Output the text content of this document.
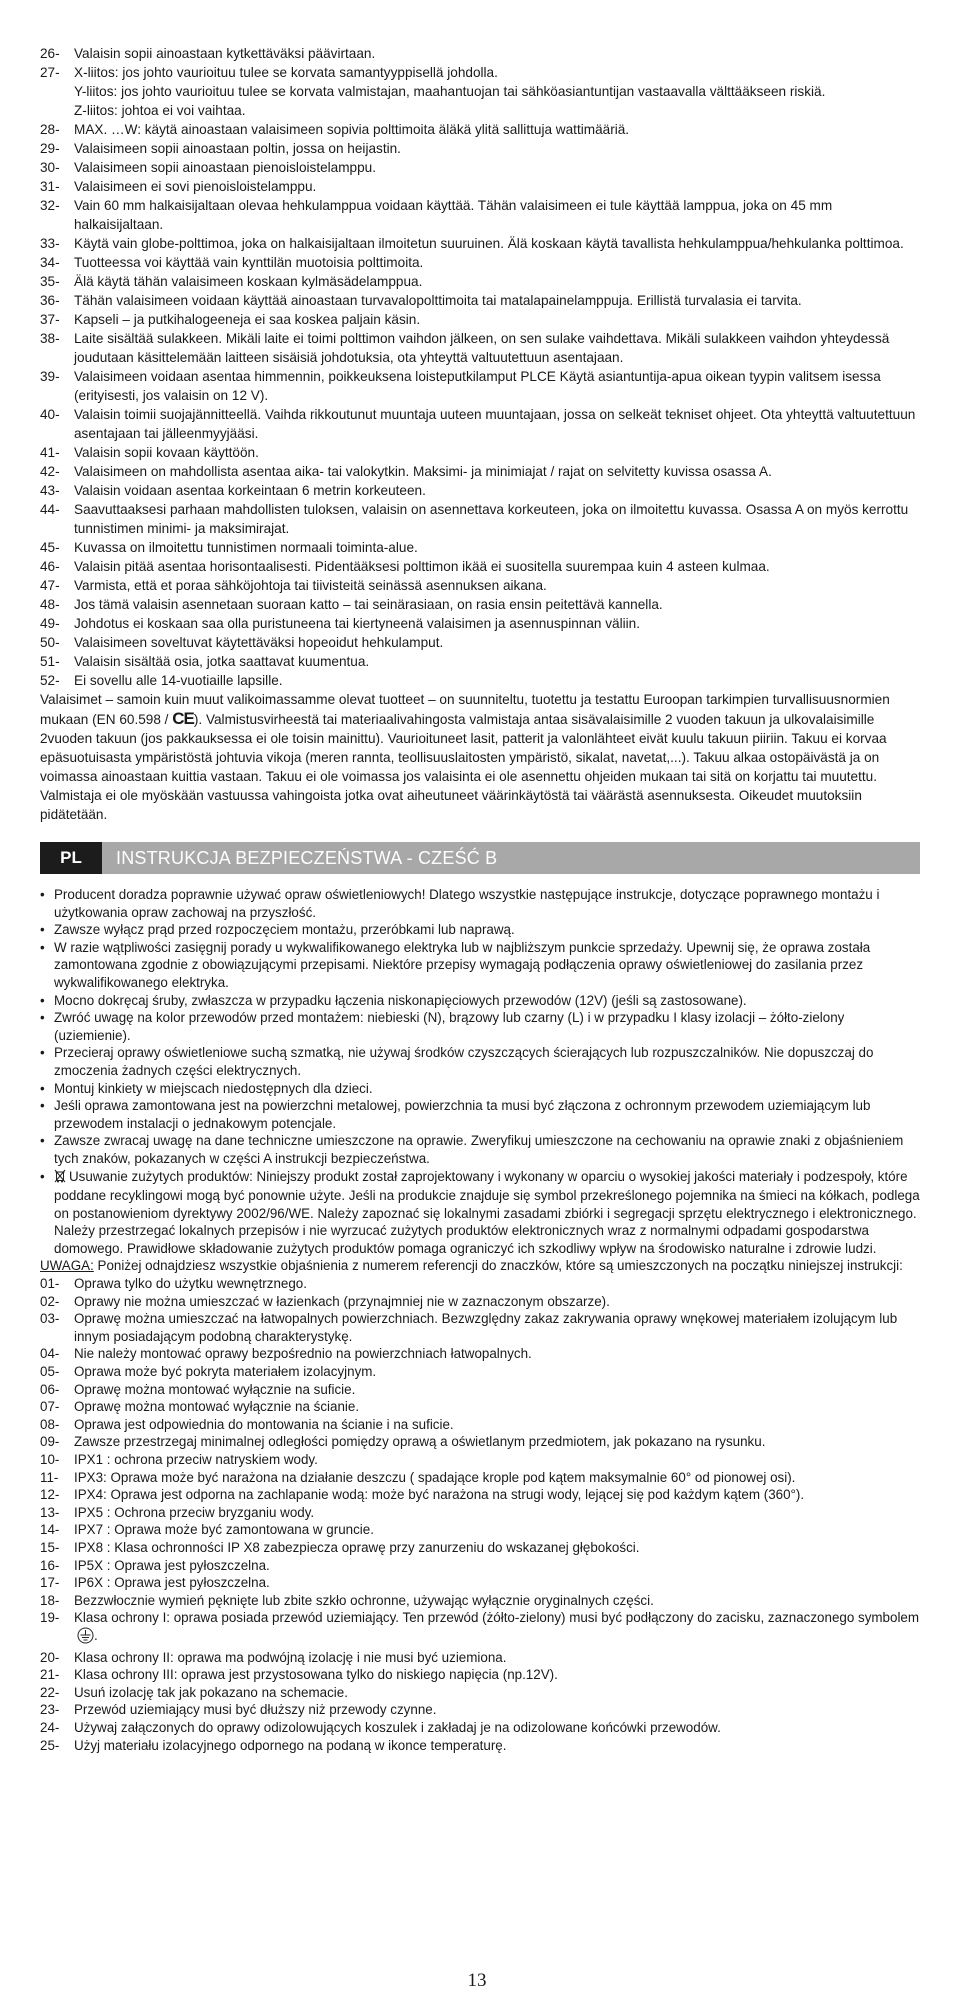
26-	Valaisin sopii ainoastaan kytkettäväksi päävirtaan.
27-	X-liitos: jos johto vaurioituu tulee se korvata samantyyppisellä johdolla.
Y-liitos: jos johto vaurioituu tulee se korvata valmistajan, maahantuojan tai sähköasiantuntijan vastaavalla välttääkseen riskiä.
Z-liitos: johtoa ei voi vaihtaa.
28-	MAX. …W: käytä ainoastaan valaisimeen sopivia polttimoita äläkä ylitä sallittuja wattimääriä.
29-	Valaisimeen sopii ainoastaan poltin, jossa on heijastin.
30-	Valaisimeen sopii ainoastaan pienoisloistelamppu.
31-	Valaisimeen ei sovi pienoisloistelamppu.
32-	Vain 60 mm halkaisijaltaan olevaa hehkulamppua voidaan käyttää. Tähän valaisimeen ei tule käyttää lamppua, joka on 45 mm halkaisijaltaan.
33-	Käytä vain globe-polttimoa, joka on halkaisijaltaan ilmoitetun suuruinen. Älä koskaan käytä tavallista hehkulamppua/hehkulanka polttimoa.
34-	Tuotteessa voi käyttää vain kynttilän muotoisia polttimoita.
35-	Älä käytä tähän valaisimeen koskaan kylmäsädelamppua.
36-	Tähän valaisimeen voidaan käyttää ainoastaan turvavalopolttimoita tai matalapainelamppuja. Erillistä turvalasia ei tarvita.
37-	Kapseli – ja putkihalogeeneja ei saa koskea paljain käsin.
38-	Laite sisältää sulakkeen. Mikäli laite ei toimi polttimon vaihdon jälkeen, on sen sulake vaihdettava. Mikäli sulakkeen vaihdon yhteydessä joudutaan käsittelemään laitteen sisäisiä johdotuksia, ota yhteyttä valtuutettuun asentajaan.
39-	Valaisimeen voidaan asentaa himmennin, poikkeuksena loisteputkilamput PLCE Käytä asiantuntija-apua oikean tyypin valitsem isessa (erityisesti, jos valaisin on 12 V).
40-	Valaisin toimii suojajännitteellä. Vaihda rikkoutunut muuntaja uuteen muuntajaan, jossa on selkeät tekniset ohjeet. Ota yhteyttä valtuutettuun asentajaan tai jälleenmyyjääsi.
41-	Valaisin sopii kovaan käyttöön.
42-	Valaisimeen on mahdollista asentaa aika- tai valokytkin. Maksimi- ja minimiajat / rajat on selvitetty kuvissa osassa A.
43-	Valaisin voidaan asentaa korkeintaan 6 metrin korkeuteen.
44-	Saavuttaaksesi parhaan mahdollisten tuloksen, valaisin on asennettava korkeuteen, joka on ilmoitettu kuvassa. Osassa A on myös kerrottu tunnistimen minimi- ja maksimirajat.
45-	Kuvassa on ilmoitettu tunnistimen normaali toiminta-alue.
46-	Valaisin pitää asentaa horisontaalisesti. Pidentääksesi polttimon ikää ei suositella suurempaa kuin 4 asteen kulmaa.
47-	Varmista, että et poraa sähköjohtoja tai tiivisteitä seinässä asennuksen aikana.
48-	Jos tämä valaisin asennetaan suoraan katto – tai seinärasiaan, on rasia ensin peitettävä kannella.
49-	Johdotus ei koskaan saa olla puristuneena tai kiertyneenä valaisimen ja asennuspinnan väliin.
50-	Valaisimeen soveltuvat käytettäväksi hopeoidut hehkulamput.
51-	Valaisin sisältää osia, jotka saattavat kuumentua.
52-	Ei sovellu alle 14-vuotiaille lapsille.

Valaisimet – samoin kuin muut valikoimassamme olevat tuotteet – on suunniteltu, tuotettu ja testattu Euroopan tarkimpien turvallisuusnormien mukaan (EN 60.598 / CE). Valmistusvirheestä tai materiaalivahingosta valmistaja antaa sisävalaisimille 2 vuoden takuun ja ulkovalaisimille 2vuoden takuun (jos pakkauksessa ei ole toisin mainittu). Vaurioituneet lasit, patterit ja valonlähteet eivät kuulu takuun piiriin. Takuu ei korvaa epäsuotuisasta ympäristöstä johtuvia vikoja (meren rannta, teollisuuslaitosten ympäristö, sikalat, navetat,...). Takuu alkaa ostopäivästä ja on voimassa ainoastaan kuittia vastaan. Takuu ei ole voimassa jos valaisinta ei ole asennettu ohjeiden mukaan tai sitä on korjattu tai muutettu. Valmistaja ei ole myöskään vastuussa vahingoista jotka ovat aiheutuneet väärinkäytöstä tai väärästä asennuksesta. Oikeudet muutoksiin pidätetään.

PL	INSTRUKCJA BEZPIECZEŃSTWA - CZEŚĆ B
• Producent doradza poprawnie używać opraw oświetleniowych! Dlatego wszystkie następujące instrukcje, dotyczące poprawnego montażu i użytkowania opraw zachowaj na przyszłość.
• Zawsze wyłącz prąd przed rozpoczęciem montażu, przeróbkami lub naprawą.
• W razie wątpliwości zasięgnij porady u wykwalifikowanego elektryka lub w najbliższym punkcie sprzedaży. Upewnij się, że oprawa została zamontowana zgodnie z obowiązującymi przepisami. Niektóre przepisy wymagają podłączenia oprawy oświetleniowej do zasilania przez wykwalifikowanego elektryka.
• Mocno dokręcaj śruby, zwłaszcza w przypadku łączenia niskonapięciowych przewodów (12V) (jeśli są zastosowane).
• Zwróć uwagę na kolor przewodów przed montażem: niebieski (N), brązowy lub czarny (L) i w przypadku I klasy izolacji – żółto-zielony (uziemienie).
• Przecieraj oprawy oświetleniowe suchą szmatką, nie używaj środków czyszczących ścierających lub rozpuszczalników. Nie dopuszczaj do zmoczenia żadnych części elektrycznych.
• Montuj kinkiety w miejscach niedostępnych dla dzieci.
• Jeśli oprawa zamontowana jest na powierzchni metalowej, powierzchnia ta musi być złączona z ochronnym przewodem uziemiającym lub przewodem instalacji o jednakowym potencjale.
• Zawsze zwracaj uwagę na dane techniczne umieszczone na oprawie. Zweryfikuj umieszczone na cechowaniu na oprawie znaki z objaśnieniem tych znaków, pokazanych w części A instrukcji bezpieczeństwa.
•	Usuwanie zużytych produktów: Niniejszy produkt został zaprojektowany i wykonany w oparciu o wysokiej jakości materiały i podzespoły, które poddane recyklingowi mogą być ponownie użyte. Jeśli na produkcie znajduje się symbol przekreślonego pojemnika na śmieci na kółkach, podlega on postanowieniom dyrektywy 2002/96/WE. Należy zapoznać się lokalnymi zasadami zbiórki i segregacji sprzętu elektrycznego i elektronicznego. Należy przestrzegać lokalnych przepisów i nie wyrzucać zużytych produktów elektronicznych wraz z normalnymi odpadami gospodarstwa domowego. Prawidłowe składowanie zużytych produktów pomaga ograniczyć ich szkodliwy wpływ na środowisko naturalne i zdrowie ludzi.

UWAGA: Poniżej odnajdziesz wszystkie objaśnienia z numerem referencji do znaczków, które są umieszczonych na początku niniejszej instrukcji:

01-	Oprawa tylko do użytku wewnętrznego.
02-	Oprawy nie można umieszczać w łazienkach (przynajmniej nie w zaznaczonym obszarze).
03-	Oprawę można umieszczać na łatwopalnych powierzchniach. Bezwzględny zakaz zakrywania oprawy wnękowej materiałem izolującym lub innym posiadającym podobną charakterystykę.
04-	Nie należy montować oprawy bezpośrednio na powierzchniach łatwopalnych.
05-	Oprawa może być pokryta materiałem izolacyjnym.
06-	Oprawę można montować wyłącznie na suficie.
07-	Oprawę można montować wyłącznie na ścianie.
08-	Oprawa jest odpowiednia do montowania na ścianie i na suficie.
09-	Zawsze przestrzegaj minimalnej odległości pomiędzy oprawą a oświetlanym przedmiotem, jak pokazano na rysunku.
10-	IPX1 : ochrona przeciw natryskiem wody.
11-	IPX3: Oprawa może być narażona na działanie deszczu ( spadające krople pod kątem maksymalnie 60° od pionowej osi).
12-	IPX4: Oprawa jest odporna na zachlapanie wodą: może być narażona na strugi wody, lejącej się pod każdym kątem (360°).
13-	IPX5 : Ochrona przeciw bryzganiu wody.
14-	IPX7 : Oprawa może być zamontowana w gruncie.
15-	IPX8 : Klasa ochronności IP X8 zabezpiecza oprawę przy zanurzeniu do wskazanej głębokości.
16-	IP5X : Oprawa jest pyłoszczelna.
17-	IP6X : Oprawa jest pyłoszczelna.
18-	Bezzwłocznie wymień pęknięte lub zbite szkło ochronne, używając wyłącznie oryginalnych części.
19-	Klasa ochrony I: oprawa posiada przewód uziemiający. Ten przewód (żółto-zielony) musi być podłączony do zacisku, zaznaczonego symbolem.
20-	Klasa ochrony II: oprawa ma podwójną izolację i nie musi być uziemiona.
21-	Klasa ochrony III: oprawa jest przystosowana tylko do niskiego napięcia (np.12V).
22-	Usuń izolację tak jak pokazano na schemacie.
23-	Przewód uziemiający musi być dłuższy niż przewody czynne.
24-	Używaj załączonych do oprawy odizolowujących koszulek i zakładaj je na odizolowane końcówki przewodów.
25-	Użyj materiału izolacyjnego odpornego na podaną w ikonce temperaturę.
13
